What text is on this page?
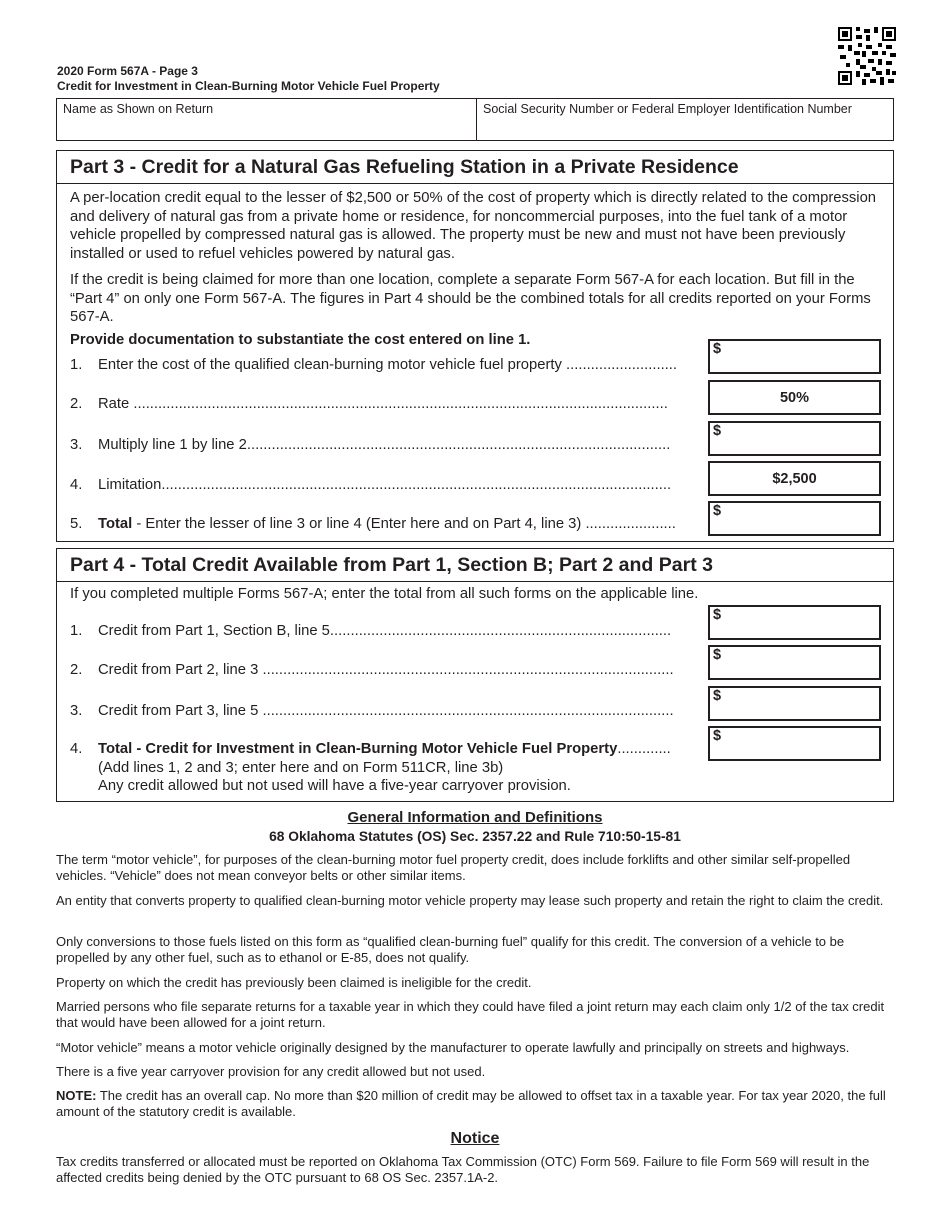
2020 Form 567A - Page 3
Credit for Investment in Clean-Burning Motor Vehicle Fuel Property
Name as Shown on Return	Social Security Number or Federal Employer Identification Number
Part 3 - Credit for a Natural Gas Refueling Station in a Private Residence
A per-location credit equal to the lesser of $2,500 or 50% of the cost of property which is directly related to the compression and delivery of natural gas from a private home or residence, for noncommercial purposes, into the fuel tank of a motor vehicle propelled by compressed natural gas is allowed. The property must be new and must not have been previously installed or used to refuel vehicles powered by natural gas.
If the credit is being claimed for more than one location, complete a separate Form 567-A for each location. But fill in the “Part 4” on only one Form 567-A. The figures in Part 4 should be the combined totals for all credits reported on your Forms 567-A.
Provide documentation to substantiate the cost entered on line 1.
1.	Enter the cost of the qualified clean-burning motor vehicle fuel property ...........................
$
2.	Rate ..................................................................................................................................	50%
3.	Multiply line 1 by line 2.......................................................................................................
$
4.	Limitation............................................................................................................................	$2,500
5.	Total - Enter the lesser of line 3 or line 4 (Enter here and on Part 4, line 3) ......................
$
Part 4 - Total Credit Available from Part 1, Section B; Part 2 and Part 3
If you completed multiple Forms 567-A; enter the total from all such forms on the applicable line.
1.	Credit from Part 1, Section B, line 5...................................................................................
$
2.	Credit from Part 2, line 3 ....................................................................................................
$
3.	Credit from Part 3, line 5 ....................................................................................................
$
4.	Total - Credit for Investment in Clean-Burning Motor Vehicle Fuel Property.............
(Add lines 1, 2 and 3; enter here and on Form 511CR, line 3b)
Any credit allowed but not used will have a five-year carryover provision.
$
General Information and Definitions
68 Oklahoma Statutes (OS) Sec. 2357.22 and Rule 710:50-15-81
The term “motor vehicle”, for purposes of the clean-burning motor fuel property credit, does include forklifts and other similar self-propelled vehicles. “Vehicle” does not mean conveyor belts or other similar items.
An entity that converts property to qualified clean-burning motor vehicle property may lease such property and retain the right to claim the credit.
Only conversions to those fuels listed on this form as “qualified clean-burning fuel” qualify for this credit. The conversion of a vehicle to be propelled by any other fuel, such as to ethanol or E-85, does not qualify.
Property on which the credit has previously been claimed is ineligible for the credit.
Married persons who file separate returns for a taxable year in which they could have filed a joint return may each claim only 1/2 of the tax credit that would have been allowed for a joint return.
“Motor vehicle” means a motor vehicle originally designed by the manufacturer to operate lawfully and principally on streets and highways.
There is a five year carryover provision for any credit allowed but not used.
NOTE: The credit has an overall cap. No more than $20 million of credit may be allowed to offset tax in a taxable year. For tax year 2020, the full amount of the statutory credit is available.
Notice
Tax credits transferred or allocated must be reported on Oklahoma Tax Commission (OTC) Form 569. Failure to file Form 569 will result in the affected credits being denied by the OTC pursuant to 68 OS Sec. 2357.1A-2.
